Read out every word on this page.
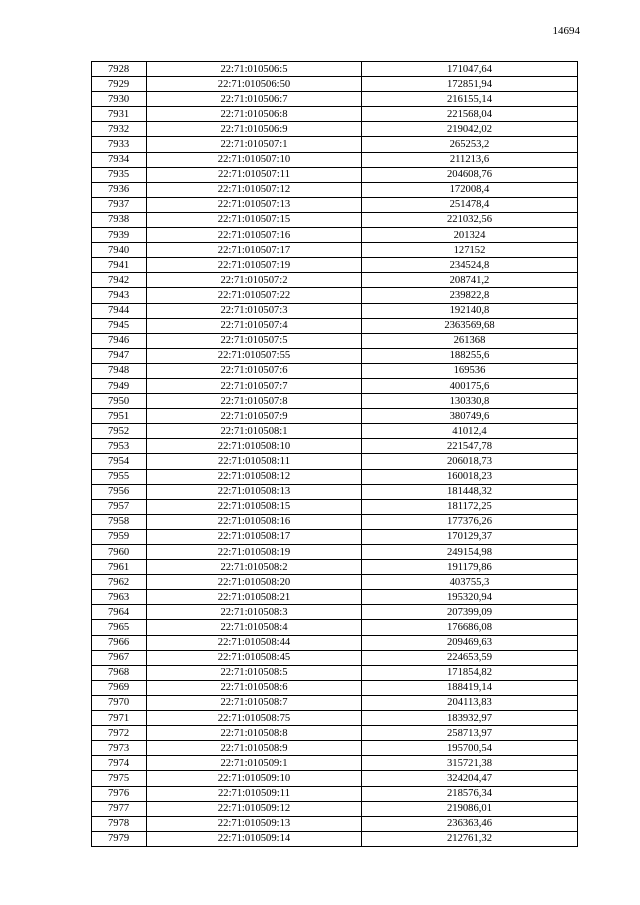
14694
7928	22:71:010506:5	171047,64
7929	22:71:010506:50	172851,94
7930	22:71:010506:7	216155,14
7931	22:71:010506:8	221568,04
7932	22:71:010506:9	219042,02
7933	22:71:010507:1	265253,2
7934	22:71:010507:10	211213,6
7935	22:71:010507:11	204608,76
7936	22:71:010507:12	172008,4
7937	22:71:010507:13	251478,4
7938	22:71:010507:15	221032,56
7939	22:71:010507:16	201324
7940	22:71:010507:17	127152
7941	22:71:010507:19	234524,8
7942	22:71:010507:2	208741,2
7943	22:71:010507:22	239822,8
7944	22:71:010507:3	192140,8
7945	22:71:010507:4	2363569,68
7946	22:71:010507:5	261368
7947	22:71:010507:55	188255,6
7948	22:71:010507:6	169536
7949	22:71:010507:7	400175,6
7950	22:71:010507:8	130330,8
7951	22:71:010507:9	380749,6
7952	22:71:010508:1	41012,4
7953	22:71:010508:10	221547,78
7954	22:71:010508:11	206018,73
7955	22:71:010508:12	160018,23
7956	22:71:010508:13	181448,32
7957	22:71:010508:15	181172,25
7958	22:71:010508:16	177376,26
7959	22:71:010508:17	170129,37
7960	22:71:010508:19	249154,98
7961	22:71:010508:2	191179,86
7962	22:71:010508:20	403755,3
7963	22:71:010508:21	195320,94
7964	22:71:010508:3	207399,09
7965	22:71:010508:4	176686,08
7966	22:71:010508:44	209469,63
7967	22:71:010508:45	224653,59
7968	22:71:010508:5	171854,82
7969	22:71:010508:6	188419,14
7970	22:71:010508:7	204113,83
7971	22:71:010508:75	183932,97
7972	22:71:010508:8	258713,97
7973	22:71:010508:9	195700,54
7974	22:71:010509:1	315721,38
7975	22:71:010509:10	324204,47
7976	22:71:010509:11	218576,34
7977	22:71:010509:12	219086,01
7978	22:71:010509:13	236363,46
7979	22:71:010509:14	212761,32
